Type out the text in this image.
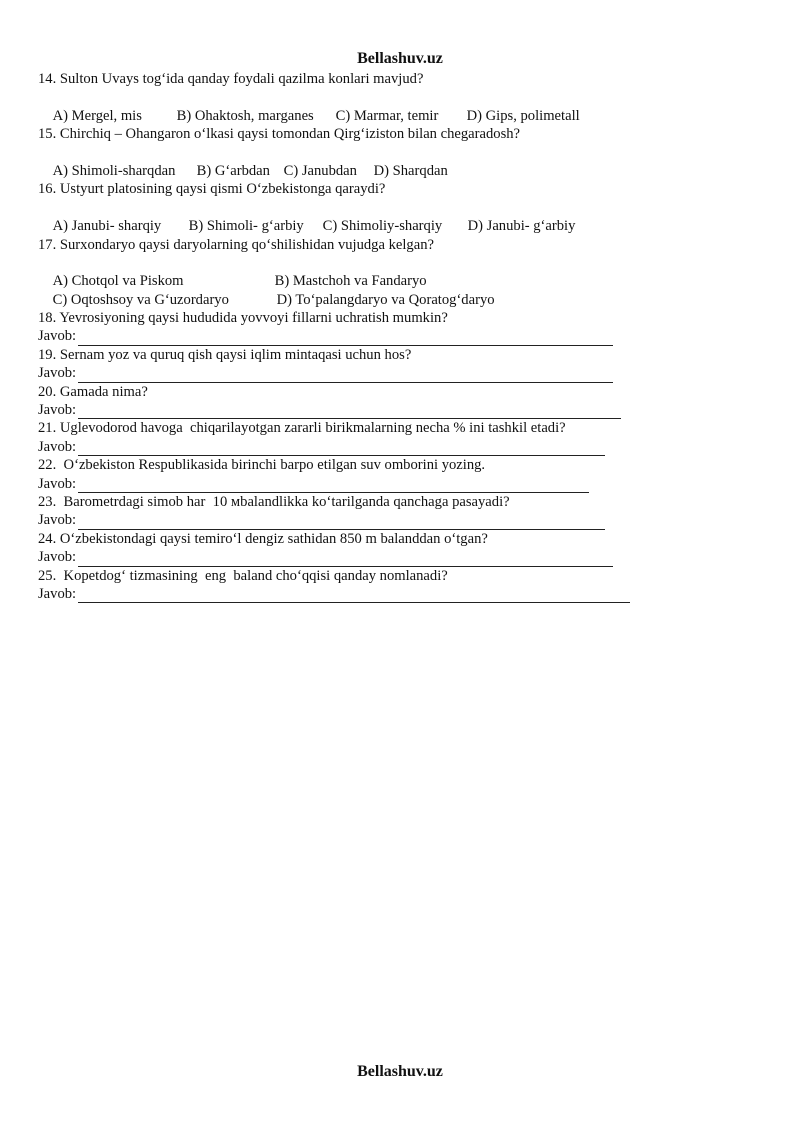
Bellashuv.uz
14. Sulton Uvays tog‘ida qanday foydali qazilma konlari mavjud?

A) Mergel, mis B) Ohaktosh, marganes C) Marmar, temir D) Gips, polimetall

15. Chirchiq – Ohangaron o‘lkasi qaysi tomondan Qirg‘iziston bilan chegaradosh?

A) Shimoli-sharqdan B) G‘arbdan C) Janubdan D) Sharqdan

16. Ustyurt platosining qaysi qismi O‘zbekistonga qaraydi?

A) Janubi- sharqiy B) Shimoli- g‘arbiy C) Shimoliy-sharqiy D) Janubi- g‘arbiy

17. Surxondaryo qaysi daryolarning qo‘shilishidan vujudga kelgan?

A) Chotqol va Piskom	B) Mastchoh va Fandaryo

C) Oqtoshsoy va G‘uzordaryo	D) To‘palangdaryo va Qoratog‘daryo

18. Yevrosiyoning qaysi hududida yovvoyi fillarni uchratish mumkin?
Javob:
19. Sernam yoz va quruq qish qaysi iqlim mintaqasi uchun hos?
Javob:
20. Gamada nima?
Javob:
21. Uglevodorod havoga  chiqarilayotgan zararli birikmalarning necha % ini tashkil etadi?
Javob:
22.  O‘zbekiston Respublikasida birinchi barpo etilgan suv omborini yozing.
Javob:
23.  Barometrdagi simob har  10 мbalandlikka ko‘tarilganda qanchaga pasayadi?
Javob:
24. O‘zbekistondagi qaysi temiro‘l dengiz sathidan 850 m balanddan o‘tgan?
Javob:
25.  Kopetdog‘ tizmasining  eng  baland cho‘qqisi qanday nomlanadi?
Javob:
Bellashuv.uz
